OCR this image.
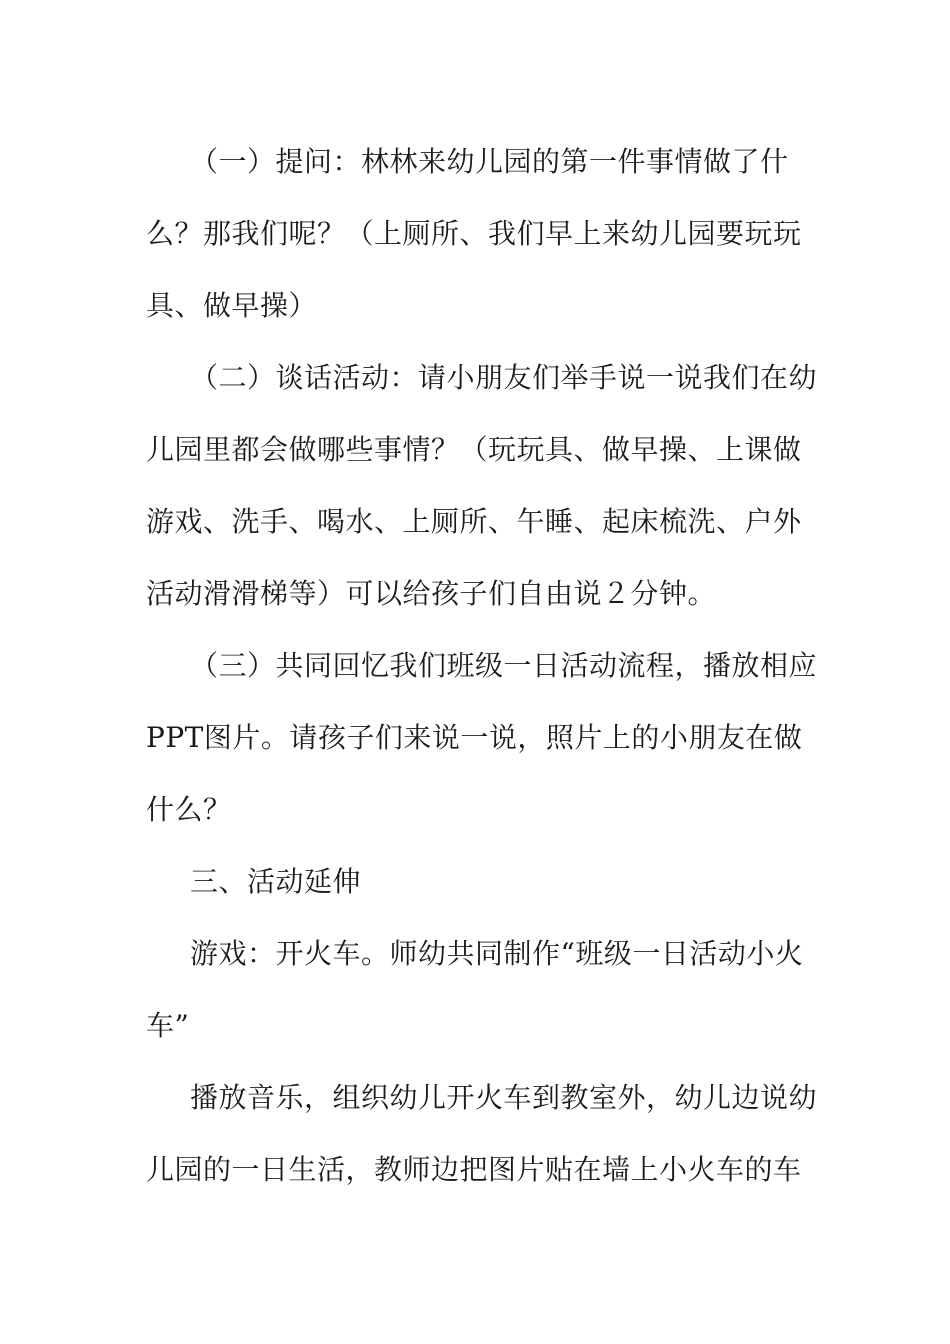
（一）提问：林林来幼儿园的第一件事情做了什么？那我们呢？（上厕所、我们早上来幼儿园要玩玩具、做早操）

（二）谈话活动：请小朋友们举手说一说我们在幼儿园里都会做哪些事情？（玩玩具、做早操、上课做游戏、洗手、喝水、上厕所、午睡、起床梳洗、户外活动滑滑梯等）可以给孩子们自由说２分钟。

（三）共同回忆我们班级一日活动流程，播放相应PPT图片。请孩子们来说一说，照片上的小朋友在做什么？

三、活动延伸

游戏：开火车。师幼共同制作“班级一日活动小火车”

播放音乐，组织幼儿开火车到教室外，幼儿边说幼儿园的一日生活，教师边把图片贴在墙上小火车的车
